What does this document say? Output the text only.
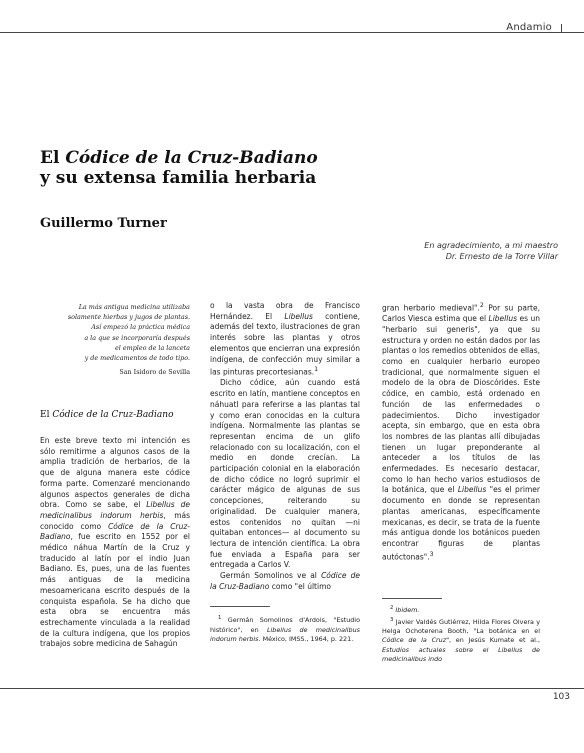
Andamio
El Códice de la Cruz-Badiano
y su extensa familia herbaria
Guillermo Turner
En agradecimiento, a mi maestro
Dr. Ernesto de la Torre Villar
La más antigua medicina utilizaba
solamente hierbas y jugos de plantas.
Así empezó la práctica médica
a la que se incorporaría después
el empleo de la lanceta
y de medicamentos de todo tipo.
San Isidoro de Sevilla
El Códice de la Cruz-Badiano

En este breve texto mi intención es sólo remitirme a algunos casos de la amplia tradición de herbarios, de la que de alguna manera este códice forma parte. Comenzaré mencionando algunos aspectos generales de dicha obra. Como se sabe, el Libellus de medicinalibus indorum herbis, más conocido como Códice de la Cruz-Badiano, fue escrito en 1552 por el médico náhua Martín de la Cruz y traducido al latín por el indio Juan Badiano. Es, pues, una de las fuentes más antiguas de la medicina mesoamericana escrito después de la conquista española. Se ha dicho que esta obra se encuentra más estrechamente vinculada a la realidad de la cultura indígena, que los propios trabajos sobre medicina de Sahagún

o la vasta obra de Francisco Hernández. El Libellus contiene, además del texto, ilustraciones de gran interés sobre las plantas y otros elementos que encierran una expresión indígena, de confección muy similar a las pinturas precortesianas.$^1$

Dicho códice, aún cuando está escrito en latín, mantiene conceptos en náhuatl para referirse a las plantas tal y como eran conocidas en la cultura indígena. Normalmente las plantas se representan encima de un glifo relacionado con su localización, con el medio en donde crecían. La participación colonial en la elaboración de dicho códice no logró suprimir el carácter mágico de algunas de sus concepciones, reiterando su originalidad. De cualquier manera, estos contenidos no quitan —ni quitaban entonces— al documento su lectura de intención científica. La obra fue enviada a España para ser entregada a Carlos V.

Germán Somolinos ve al Códice de la Cruz-Badiano como "el último

$^1$ Germán Somolinos d'Ardois, "Estudio histórico", en Libellus de medicinalibus indorum herbis. México, IMSS., 1964, p. 221.

gran herbario medieval".$^2$ Por su parte, Carlos Viesca estima que el Libellus es un "herbario sui generis", ya que su estructura y orden no están dados por las plantas o los remedios obtenidos de ellas, como en cualquier herbario europeo tradicional, que normalmente siguen el modelo de la obra de Dioscórides. Este códice, en cambio, está ordenado en función de las enfermedades o padecimientos. Dicho investigador acepta, sin embargo, que en esta obra los nombres de las plantas allí dibujadas tienen un lugar preponderante al anteceder a los títulos de las enfermedades. Es necesario destacar, como lo han hecho varios estudiosos de la botánica, que el Libellus "es el primer documento en donde se representan plantas americanas, específicamente mexicanas, es decir, se trata de la fuente más antigua donde los botánicos pueden encontrar figuras de plantas autóctonas".$^3$

$^2$ Ibidem.

$^3$ Javier Valdés Gutiérrez, Hilda Flores Olvera y Helga Ochoterena Booth, "La botánica en el Códice de la Cruz", en Jesús Kumate et al., Estudios actuales sobre el Libellus de medicinalibus indo

103
